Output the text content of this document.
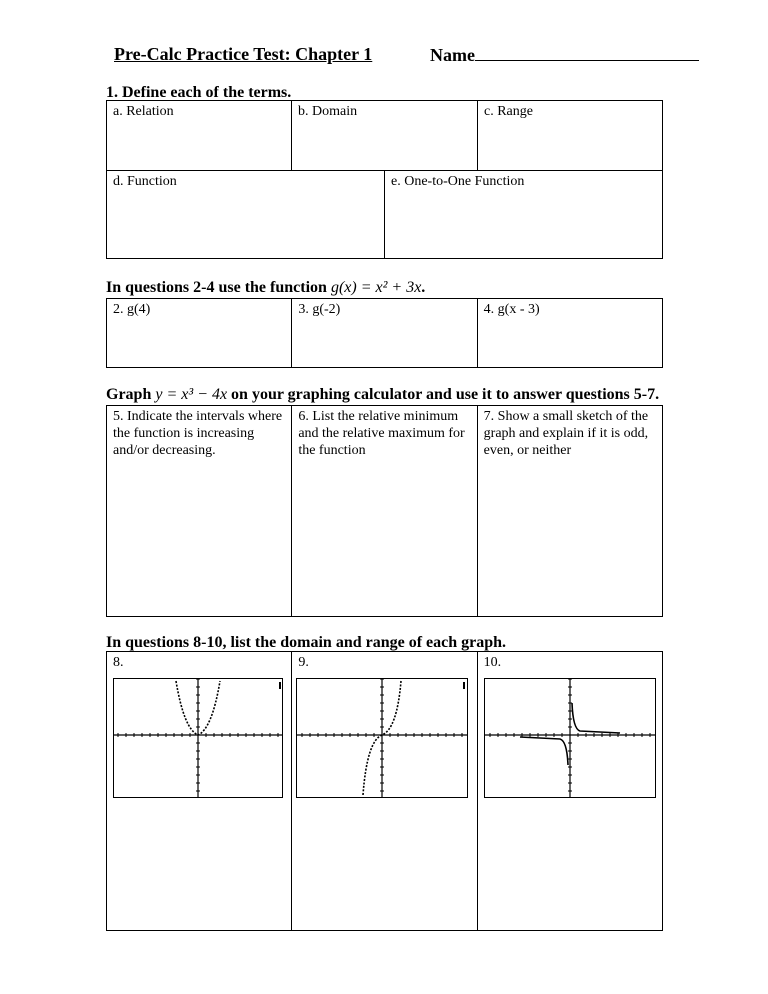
Pre-Calc Practice Test: Chapter 1	Name
1. Define each of the terms.
a. Relation	b. Domain		c. Range
d. Function		e. One-to-One Function	
In questions 2-4 use the function g(x) = x² + 3x.
2. g(4)	3. g(-2)	4. g(x - 3)
Graph y = x³ − 4x on your graphing calculator and use it to answer questions 5-7.
5. Indicate the intervals where the function is increasing and/or decreasing.	6. List the relative minimum and the relative maximum for the function	7. Show a small sketch of the graph and explain if it is odd, even, or neither
In questions 8-10, list the domain and range of each graph.
8.	9.	10.
